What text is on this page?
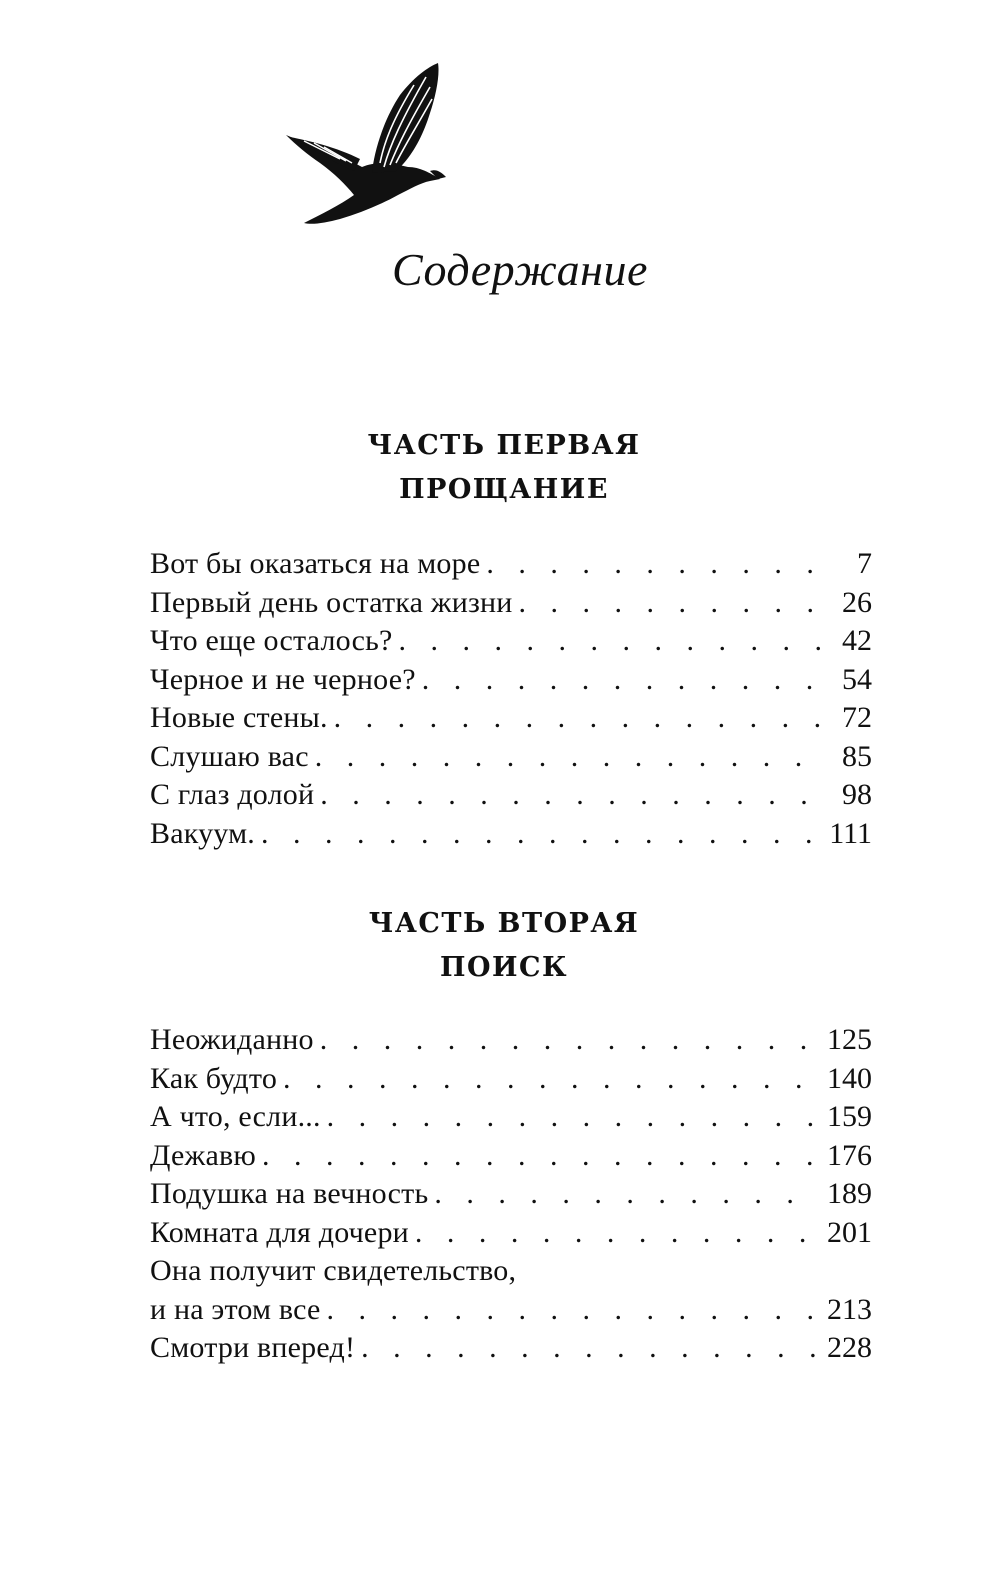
Содержание

ЧАСТЬ ПЕРВАЯ

ПРОЩАНИЕ

Вот бы оказаться на море . . .	7
Первый день остатка жизни . . .	26
Что еще осталось? . . .	42
Черное и не черное? . . .	54
Новые стены. . . .	72
Слушаю вас . . .	85
С глаз долой . . .	98
Вакуум. . . .	111

ЧАСТЬ ВТОРАЯ

ПОИСК

Неожиданно . . .	125
Как будто . . .	140
А что, если... . . .	159
Дежавю . . .	176
Подушка на вечность . . .	189
Комната для дочери . . .	201
Она получит свидетельство,
и на этом все . . .	213
Смотри вперед! . . .	228
